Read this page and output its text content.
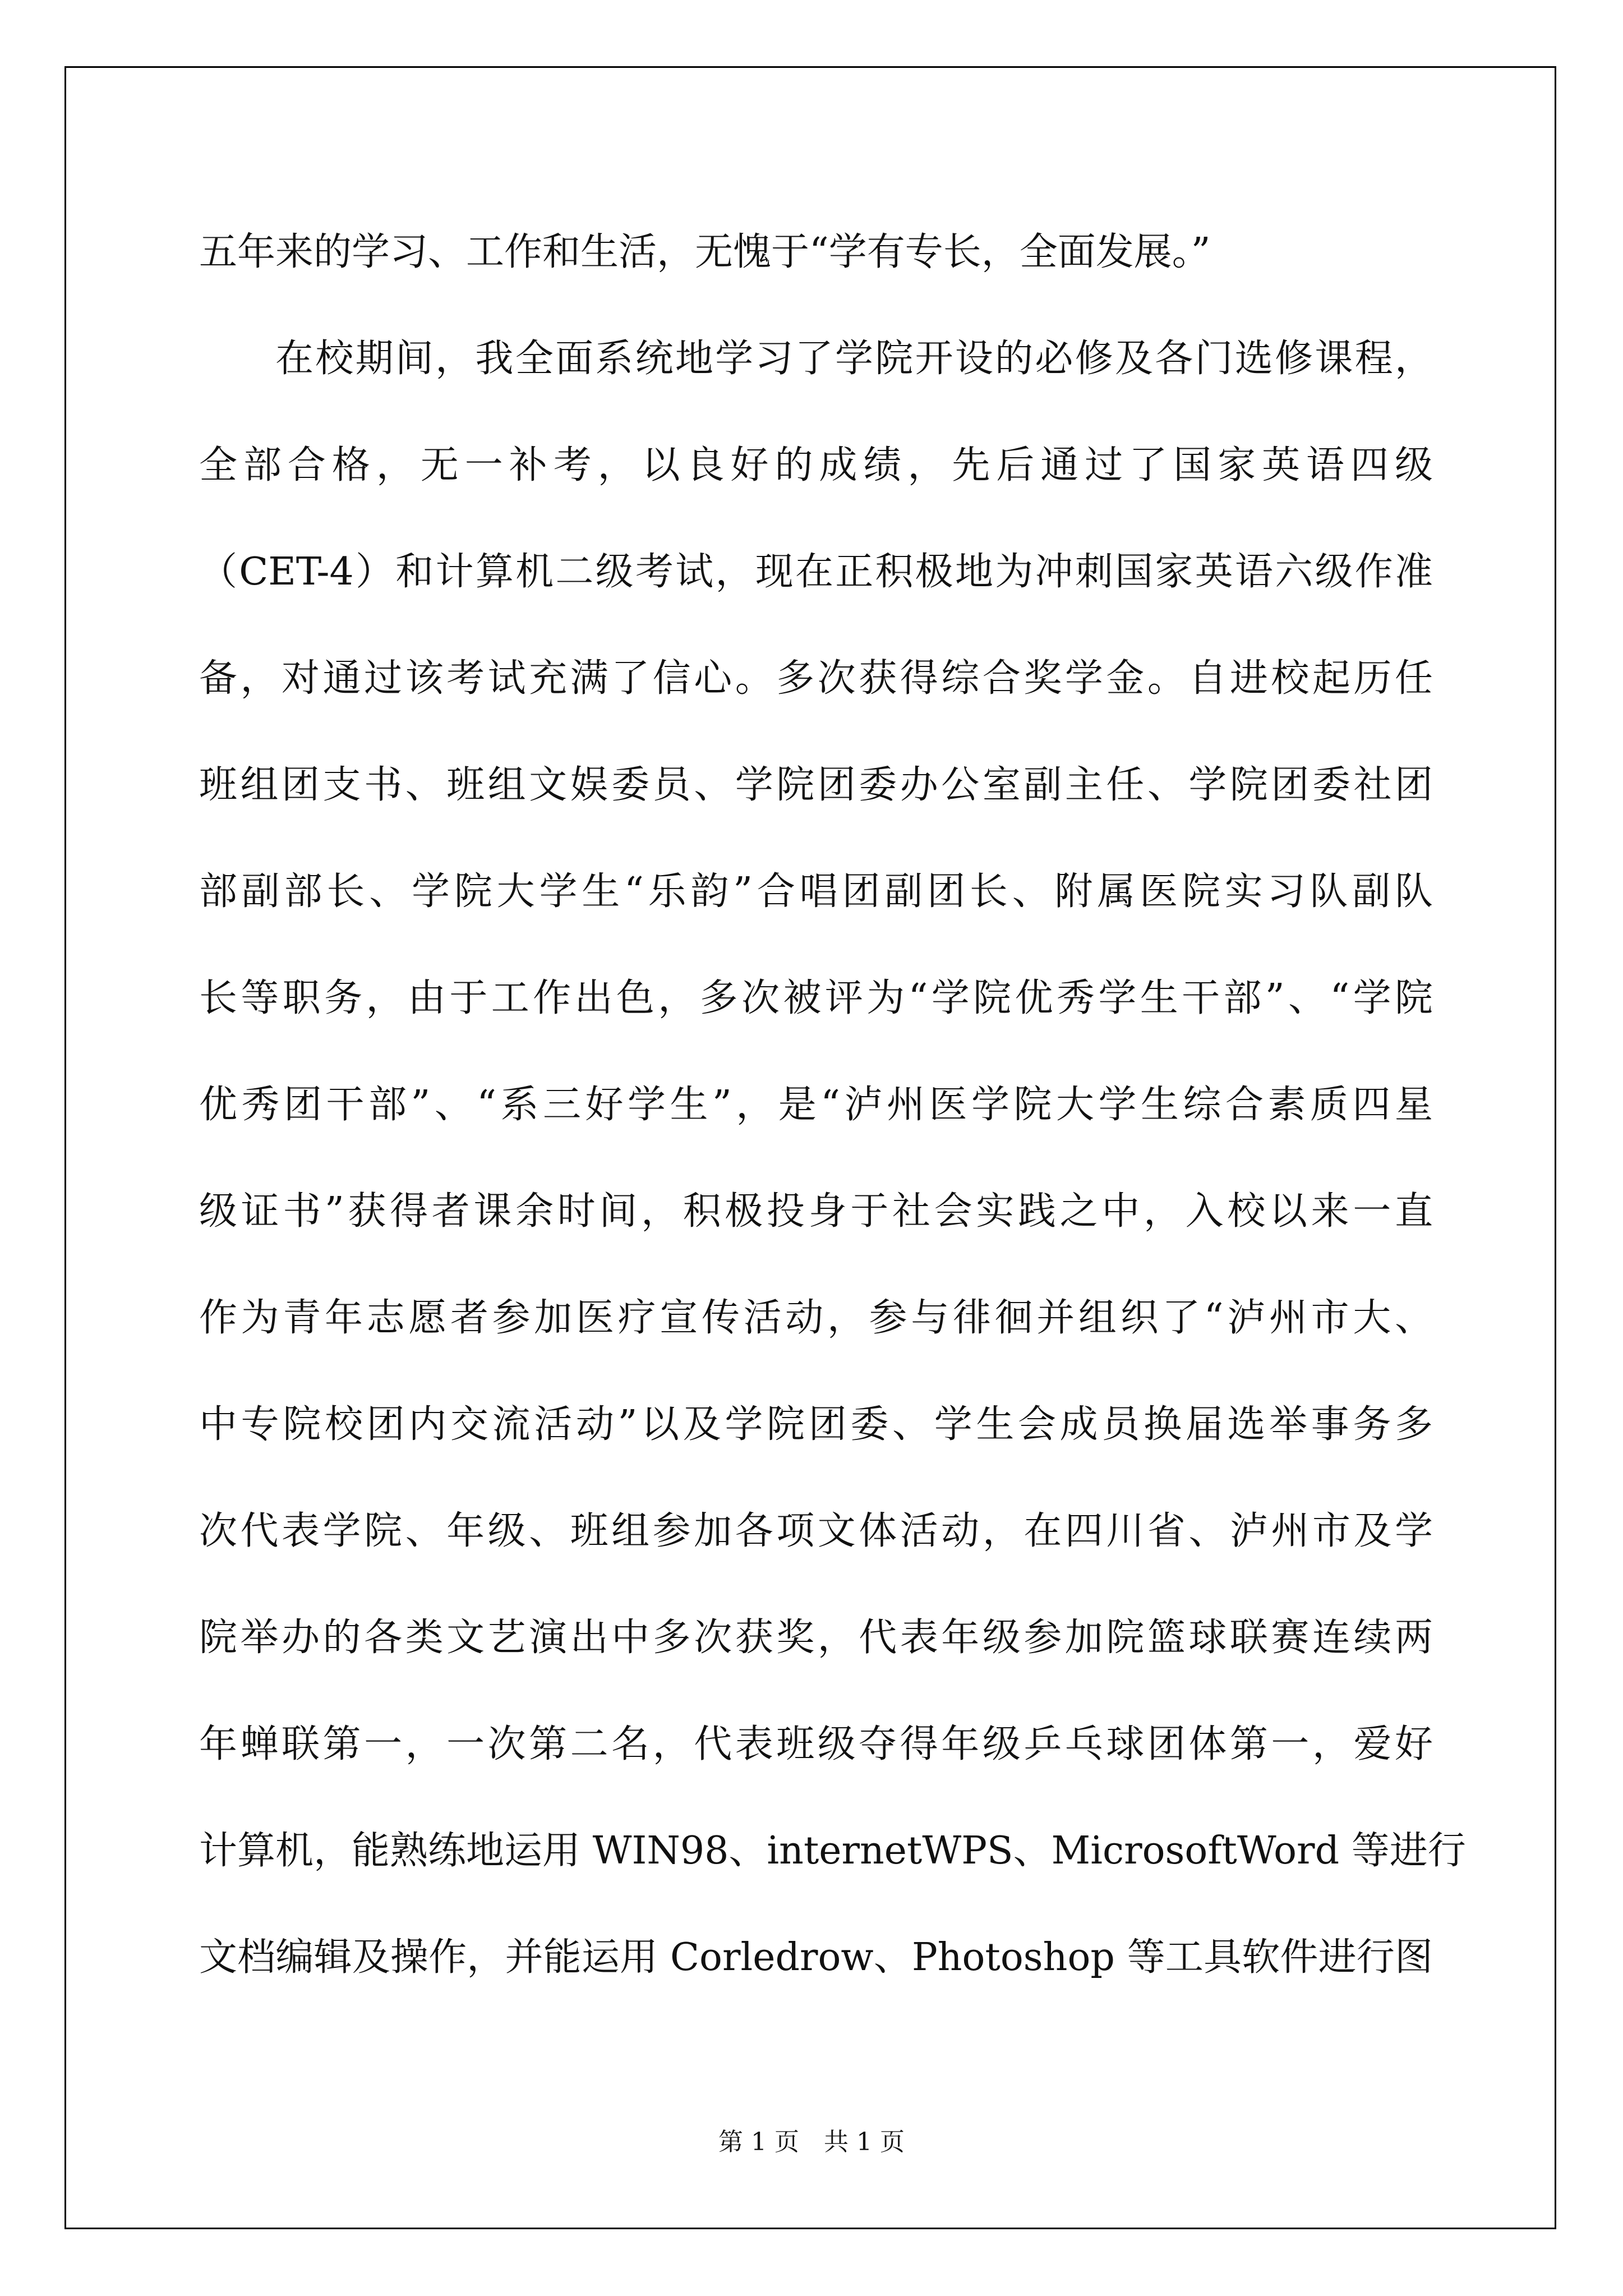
五年来的学习、工作和生活，无愧于“学有专长，全面发展。”
在校期间，我全面系统地学习了学院开设的必修及各门选修课程，
全部合格，无一补考，以良好的成绩，先后通过了国家英语四级
（CET-4）和计算机二级考试，现在正积极地为冲刺国家英语六级作准
备，对通过该考试充满了信心。多次获得综合奖学金。自进校起历任
班组团支书、班组文娱委员、学院团委办公室副主任、学院团委社团
部副部长、学院大学生“乐韵”合唱团副团长、附属医院实习队副队
长等职务，由于工作出色，多次被评为“学院优秀学生干部”、“学院
优秀团干部”、“系三好学生”，是“泸州医学院大学生综合素质四星
级证书”获得者课余时间，积极投身于社会实践之中，入校以来一直
作为青年志愿者参加医疗宣传活动，参与徘徊并组织了“泸州市大、
中专院校团内交流活动”以及学院团委、学生会成员换届选举事务多
次代表学院、年级、班组参加各项文体活动，在四川省、泸州市及学
院举办的各类文艺演出中多次获奖，代表年级参加院篮球联赛连续两
年蝉联第一，一次第二名，代表班级夺得年级乒乓球团体第一，爱好
计算机，能熟练地运用 WIN98、internetWPS、MicrosoftWord 等进行
文档编辑及操作，并能运用 Corledrow、Photoshop 等工具软件进行图
第 1 页　共 1 页
